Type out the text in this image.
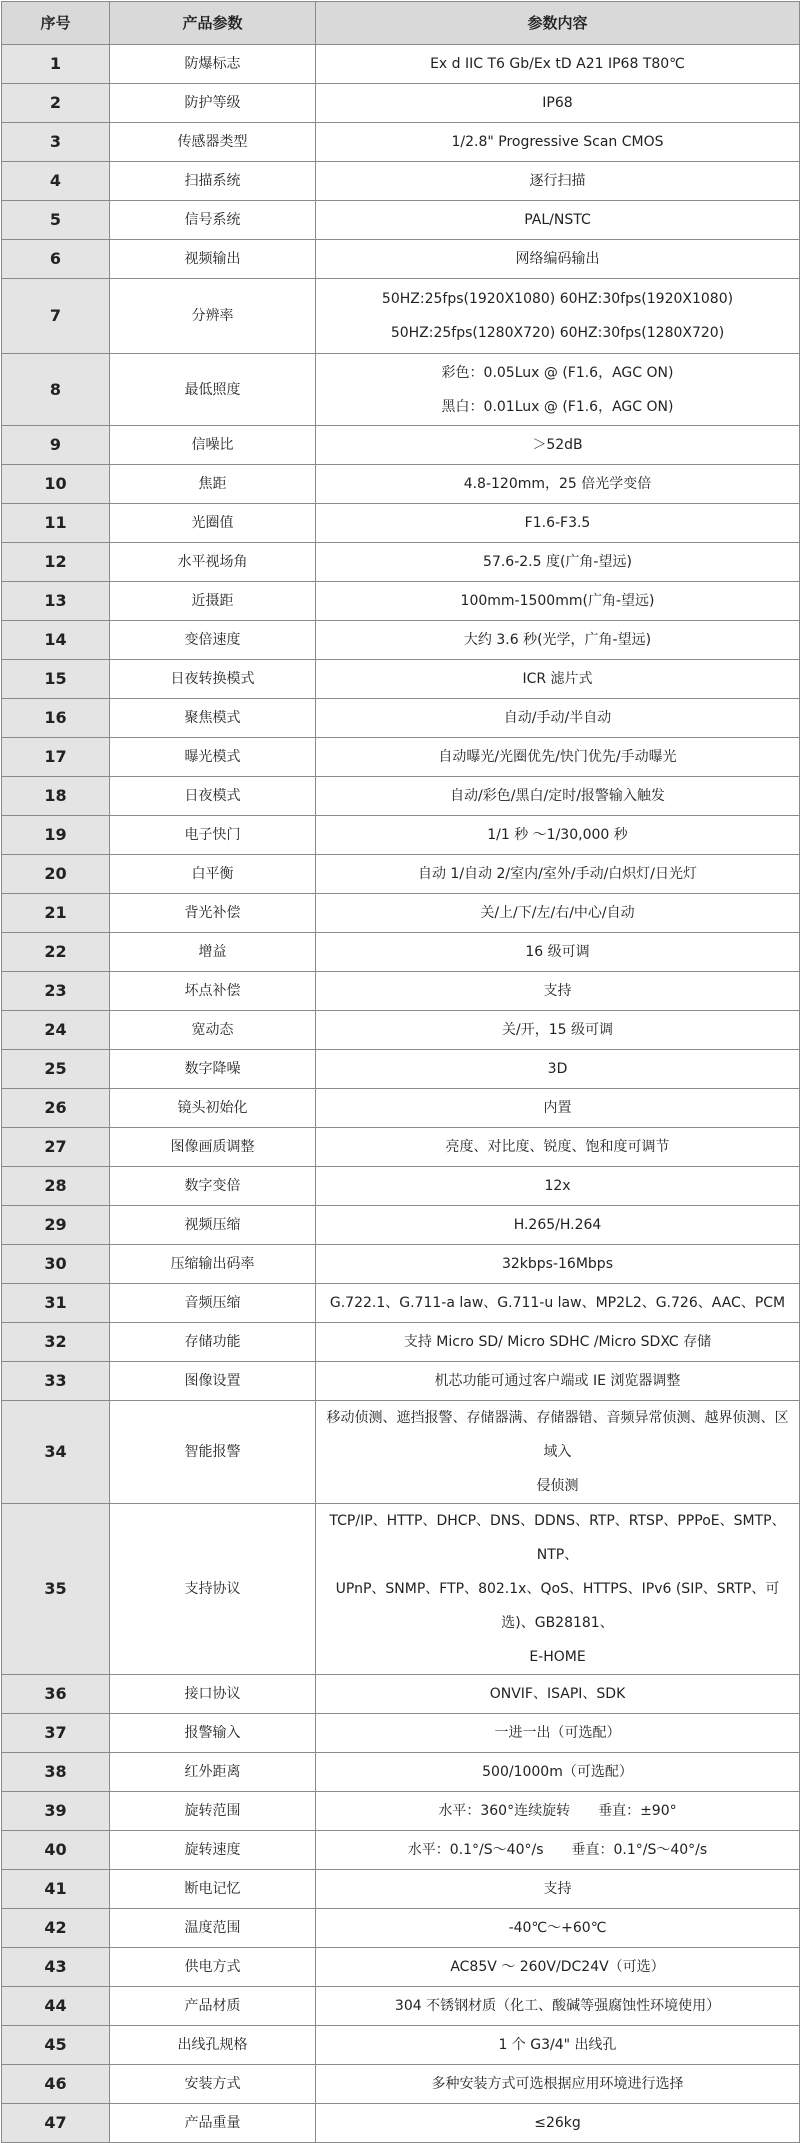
序号	产品参数	参数内容
1	防爆标志	Ex d IIC T6 Gb/Ex tD A21 IP68 T80℃

2	防护等级	IP68

3	传感器类型	1/2.8" Progressive Scan CMOS

4	扫描系统	逐行扫描

5	信号系统	PAL/NSTC

6	视频输出	网络编码输出

7	分辨率	50HZ:25fps(1920X1080) 60HZ:30fps(1920X1080)
50HZ:25fps(1280X720) 60HZ:30fps(1280X720)

8	最低照度	彩色：0.05Lux @ (F1.6，AGC ON)
黑白：0.01Lux @ (F1.6，AGC ON)

9	信噪比	＞52dB

10	焦距	4.8-120mm，25 倍光学变倍

11	光圈值	F1.6-F3.5

12	水平视场角	57.6-2.5 度(广角-望远)

13	近摄距	100mm-1500mm(广角-望远)

14	变倍速度	大约 3.6 秒(光学，广角-望远)

15	日夜转换模式	ICR 滤片式

16	聚焦模式	自动/手动/半自动

17	曝光模式	自动曝光/光圈优先/快门优先/手动曝光

18	日夜模式	自动/彩色/黑白/定时/报警输入触发

19	电子快门	1/1 秒 ～1/30,000 秒

20	白平衡	自动 1/自动 2/室内/室外/手动/白炽灯/日光灯

21	背光补偿	关/上/下/左/右/中心/自动

22	增益	16 级可调

23	坏点补偿	支持

24	宽动态	关/开，15 级可调

25	数字降噪	3D

26	镜头初始化	内置

27	图像画质调整	亮度、对比度、锐度、饱和度可调节

28	数字变倍	12x

29	视频压缩	H.265/H.264

30	压缩输出码率	32kbps-16Mbps

31	音频压缩	G.722.1、G.711-a law、G.711-u law、MP2L2、G.726、AAC、PCM

32	存储功能	支持 Micro SD/ Micro SDHC /Micro SDXC 存储

33	图像设置	机芯功能可通过客户端或 IE 浏览器调整

34	智能报警	移动侦测、遮挡报警、存储器满、存储器错、音频异常侦测、越界侦测、区域入
侵侦测

35	支持协议	TCP/IP、HTTP、DHCP、DNS、DDNS、RTP、RTSP、PPPoE、SMTP、NTP、
UPnP、SNMP、FTP、802.1x、QoS、HTTPS、IPv6 (SIP、SRTP、可选)、GB28181、
E-HOME

36	接口协议	ONVIF、ISAPI、SDK

37	报警输入	一进一出（可选配）

38	红外距离	500/1000m（可选配）

39	旋转范围	水平：360°连续旋转　　垂直：±90°

40	旋转速度	水平：0.1°/S～40°/s　　垂直：0.1°/S～40°/s

41	断电记忆	支持

42	温度范围	-40℃～+60℃

43	供电方式	AC85V ～ 260V/DC24V（可选）

44	产品材质	304 不锈钢材质（化工、酸碱等强腐蚀性环境使用）

45	出线孔规格	1 个 G3/4" 出线孔

46	安装方式	多种安装方式可选根据应用环境进行选择

47	产品重量	≤26kg
